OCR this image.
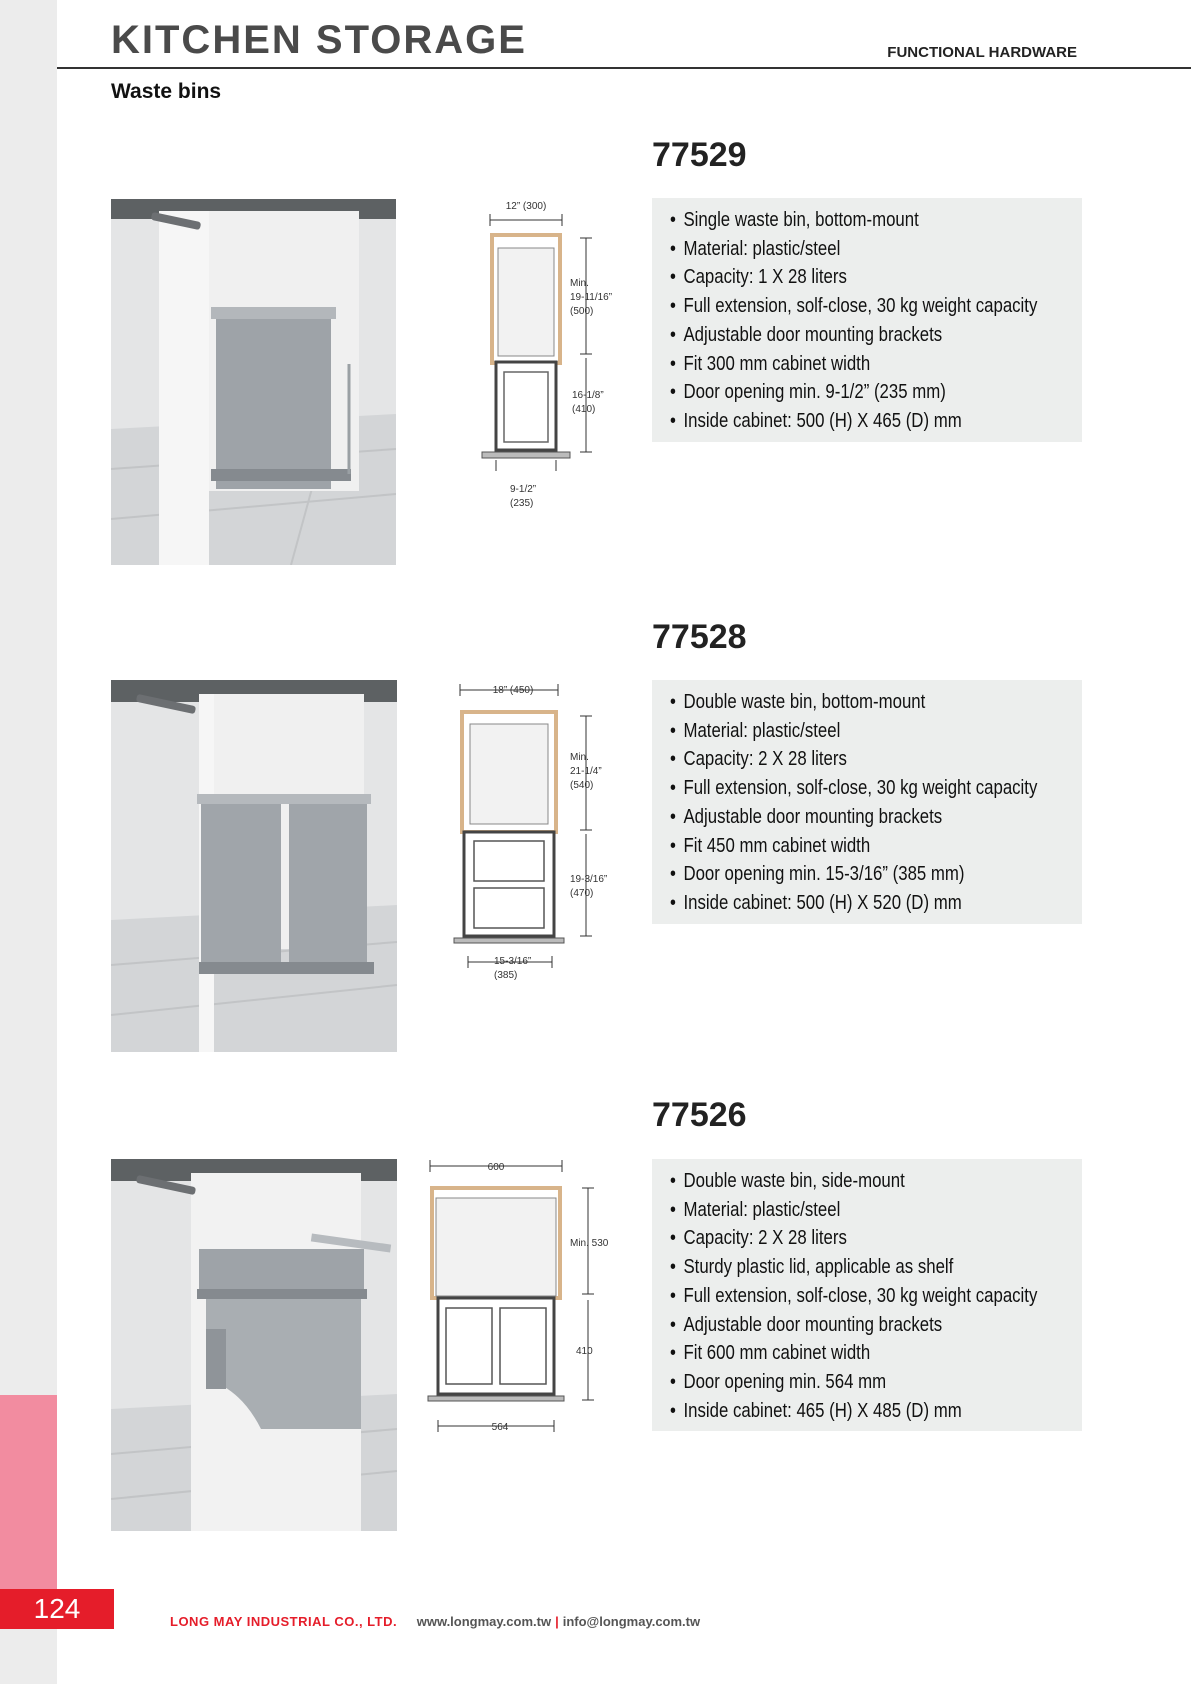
124
KITCHEN STORAGE	FUNCTIONAL HARDWARE
Waste bins
77529
12” (300)
Min.
19-11/16”
(500)
16-1/8”
(410)
9-1/2”
(235)
• Single waste bin, bottom-mount
• Material: plastic/steel
• Capacity: 1 X 28 liters
• Full extension, solf-close, 30 kg weight capacity
• Adjustable door mounting brackets
• Fit 300 mm cabinet width
• Door opening min. 9-1/2” (235 mm)
• Inside cabinet: 500 (H) X 465 (D) mm
77528
18” (450)
Min.
21-1/4”
(540)
19-3/16”
(470)
15-3/16”
(385)
• Double waste bin, bottom-mount
• Material: plastic/steel
• Capacity: 2 X 28 liters
• Full extension, solf-close, 30 kg weight capacity
• Adjustable door mounting brackets
• Fit 450 mm cabinet width
• Door opening min. 15-3/16” (385 mm)
• Inside cabinet: 500 (H) X 520 (D) mm
77526
600
Min. 530
410
564
• Double waste bin, side-mount
• Material: plastic/steel
• Capacity: 2 X 28 liters
• Sturdy plastic lid, applicable as shelf
• Full extension, solf-close, 30 kg weight capacity
• Adjustable door mounting brackets
• Fit 600 mm cabinet width
• Door opening min. 564 mm
• Inside cabinet: 465 (H) X 485 (D) mm
LONG MAY INDUSTRIAL CO., LTD. www.longmay.com.tw | info@longmay.com.tw
